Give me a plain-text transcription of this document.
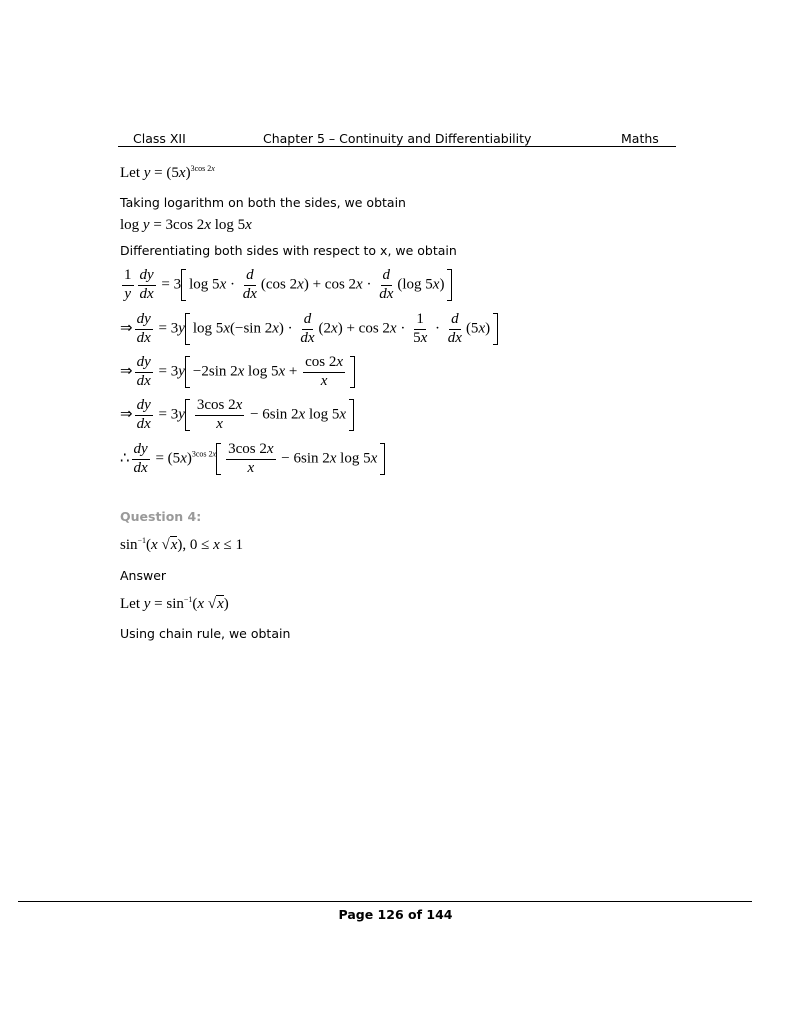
Class XII	Chapter 5 – Continuity and Differentiability	Maths
Let $y = (5x)^{3cos 2x}$
Taking logarithm on both the sides, we obtain
log y = 3cos 2x log 5x
Differentiating both sides with respect to x, we obtain
$\frac{1}{y} \frac{dy}{dx} = 3$ $\log 5x \cdot \frac{d}{dx} (\cos$ $2x) + \cos 2x \cdot \frac{d}{dx} (\log$ 5x)
⇒ $\frac{dy}{dx} = 3y$ log 5x(−sin $2x) \cdot \frac{d}{dx} (2x) + \cos 2x \cdot \frac{1}{5x} \cdot \frac{d}{dx} (5x)$
⇒ $\frac{dy}{dx} = 3y -2\sin$ 2x $\log 5x + \frac{\cos 2x}{x}$
⇒ $\frac{dy}{dx} = 3y \frac{3\cos 2x}{x} - 6\sin$ 2x log 5x
∴ $\frac{dy}{dx} = (5x)^{3cos 2x} \frac{3\cos 2x}{x} - 6\sin$ 2x log 5x
Question 4:
$\sin^{-1}(x$ √x), 0 ≤ x ≤ 1
Answer
Let $y = \sin^{-1}(x$ √x)
Using chain rule, we obtain
Page 126 of 144
